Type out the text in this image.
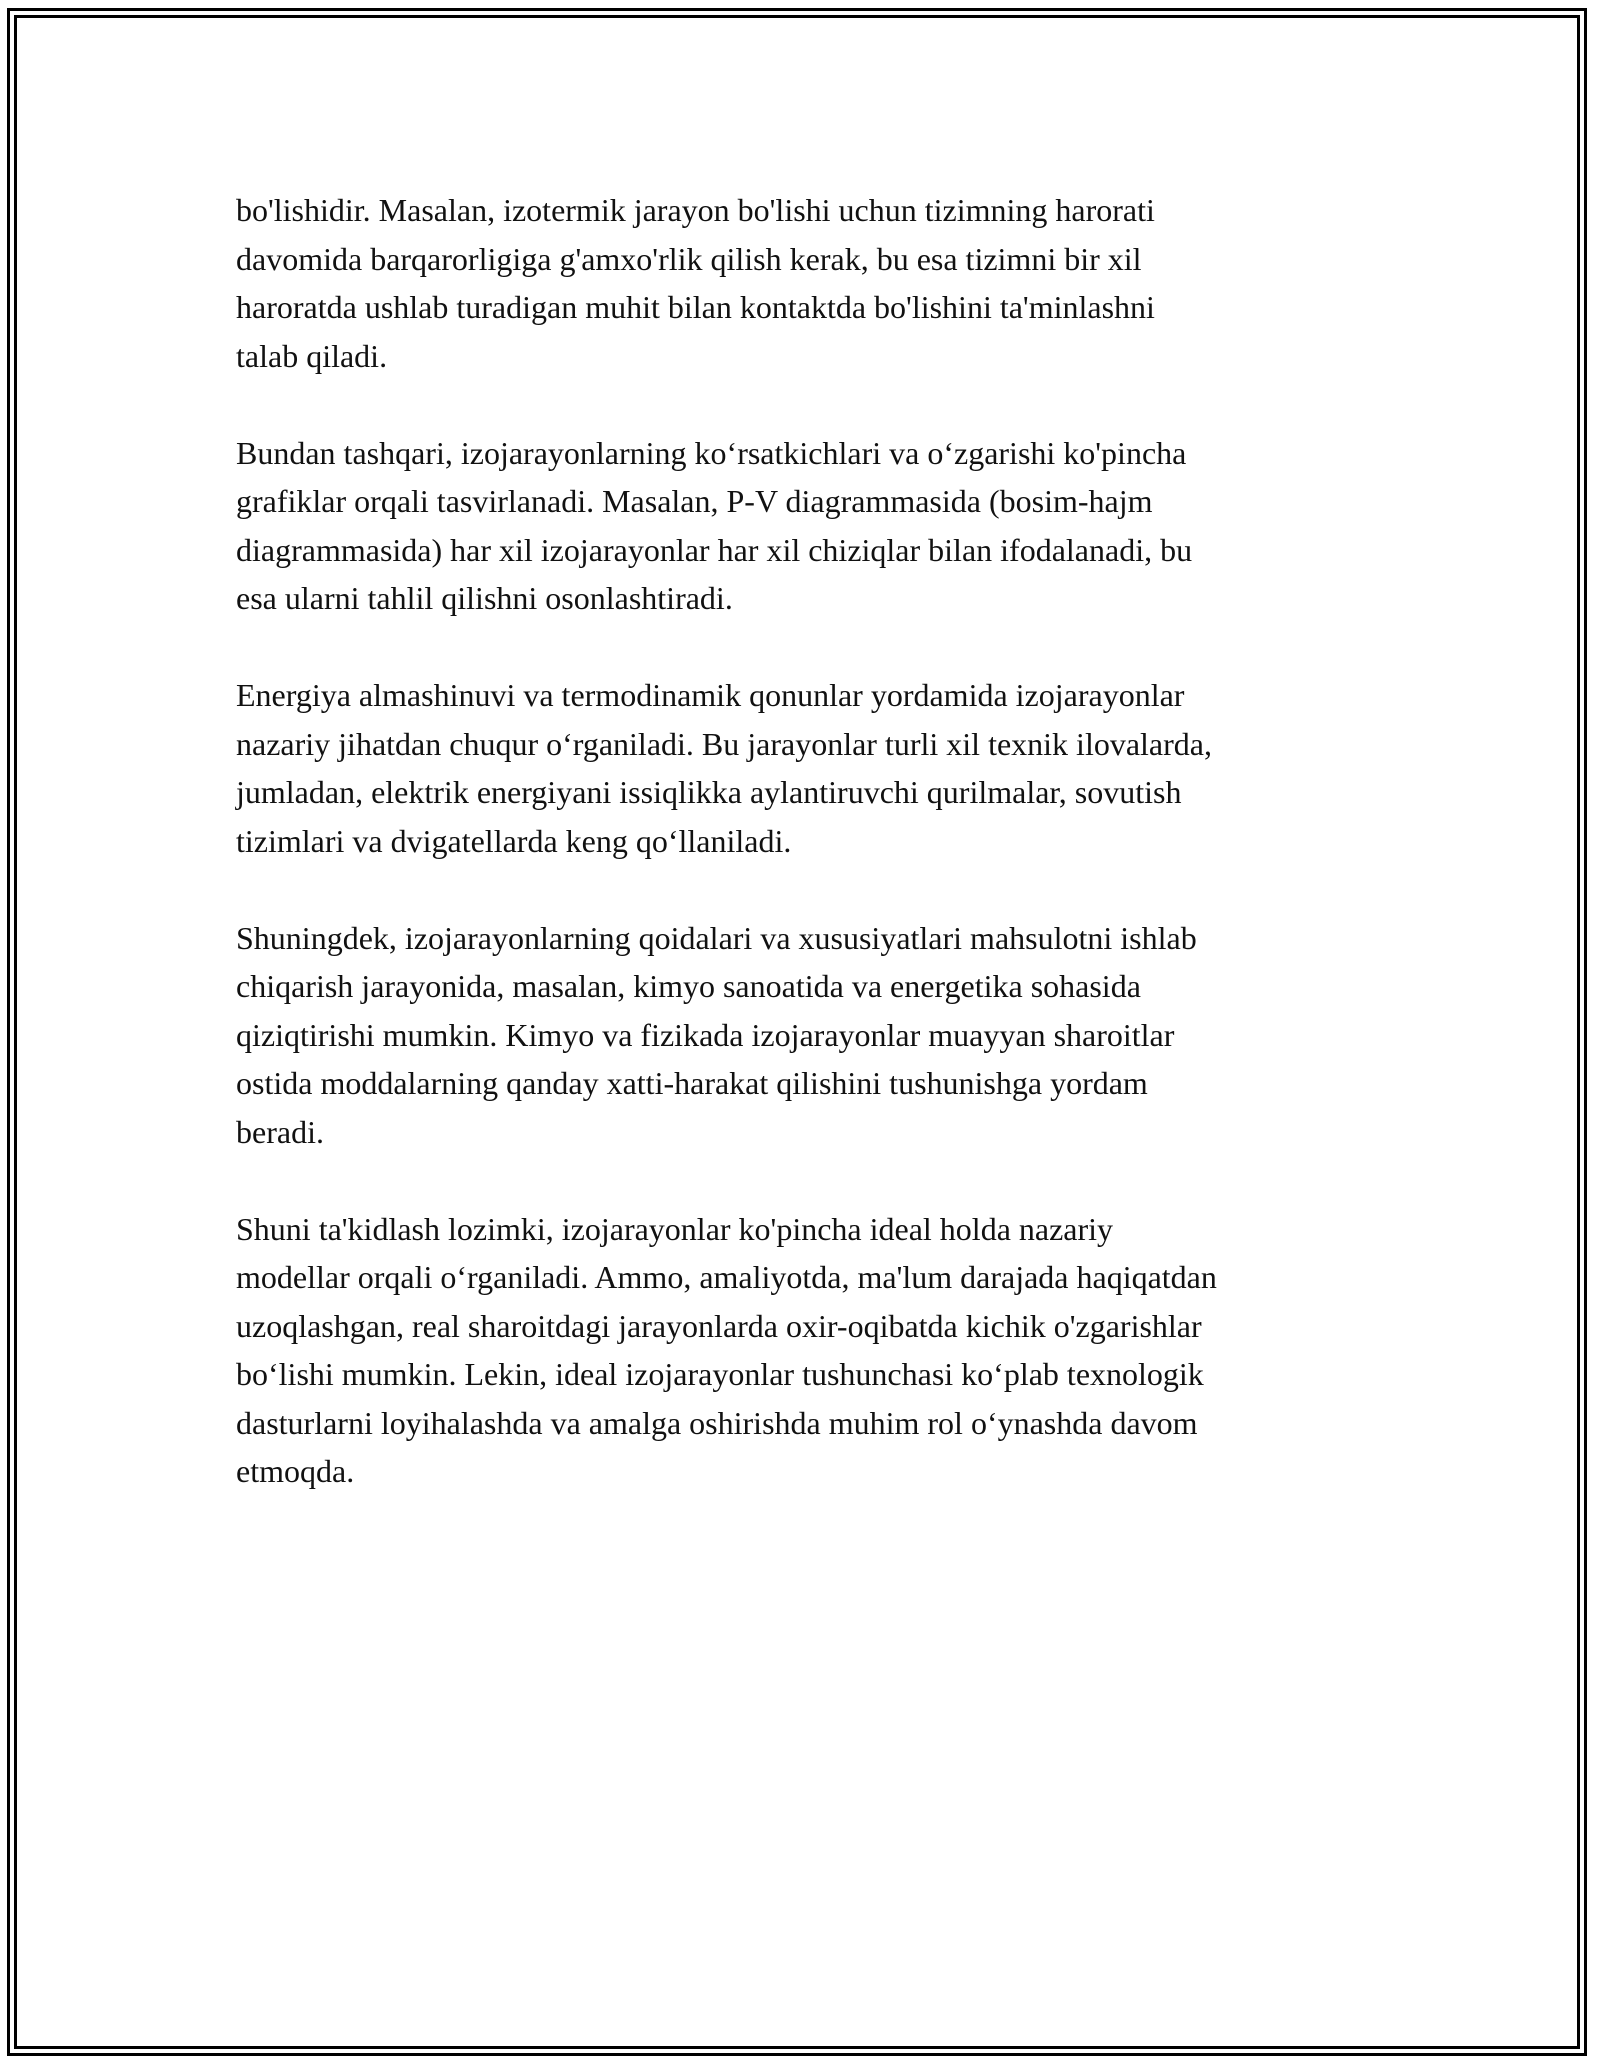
bo'lishidir. Masalan, izotermik jarayon bo'lishi uchun tizimning harorati
davomida barqarorligiga g'amxo'rlik qilish kerak, bu esa tizimni bir xil
haroratda ushlab turadigan muhit bilan kontaktda bo'lishini ta'minlashni
talab qiladi.

Bundan tashqari, izojarayonlarning ko‘rsatkichlari va o‘zgarishi ko'pincha
grafiklar orqali tasvirlanadi. Masalan, P-V diagrammasida (bosim-hajm
diagrammasida) har xil izojarayonlar har xil chiziqlar bilan ifodalanadi, bu
esa ularni tahlil qilishni osonlashtiradi.

Energiya almashinuvi va termodinamik qonunlar yordamida izojarayonlar
nazariy jihatdan chuqur o‘rganiladi. Bu jarayonlar turli xil texnik ilovalarda,
jumladan, elektrik energiyani issiqlikka aylantiruvchi qurilmalar, sovutish
tizimlari va dvigatellarda keng qo‘llaniladi.

Shuningdek, izojarayonlarning qoidalari va xususiyatlari mahsulotni ishlab
chiqarish jarayonida, masalan, kimyo sanoatida va energetika sohasida
qiziqtirishi mumkin. Kimyo va fizikada izojarayonlar muayyan sharoitlar
ostida moddalarning qanday xatti-harakat qilishini tushunishga yordam
beradi.

Shuni ta'kidlash lozimki, izojarayonlar ko'pincha ideal holda nazariy
modellar orqali o‘rganiladi. Ammo, amaliyotda, ma'lum darajada haqiqatdan
uzoqlashgan, real sharoitdagi jarayonlarda oxir-oqibatda kichik o'zgarishlar
bo‘lishi mumkin. Lekin, ideal izojarayonlar tushunchasi ko‘plab texnologik
dasturlarni loyihalashda va amalga oshirishda muhim rol o‘ynashda davom
etmoqda.
